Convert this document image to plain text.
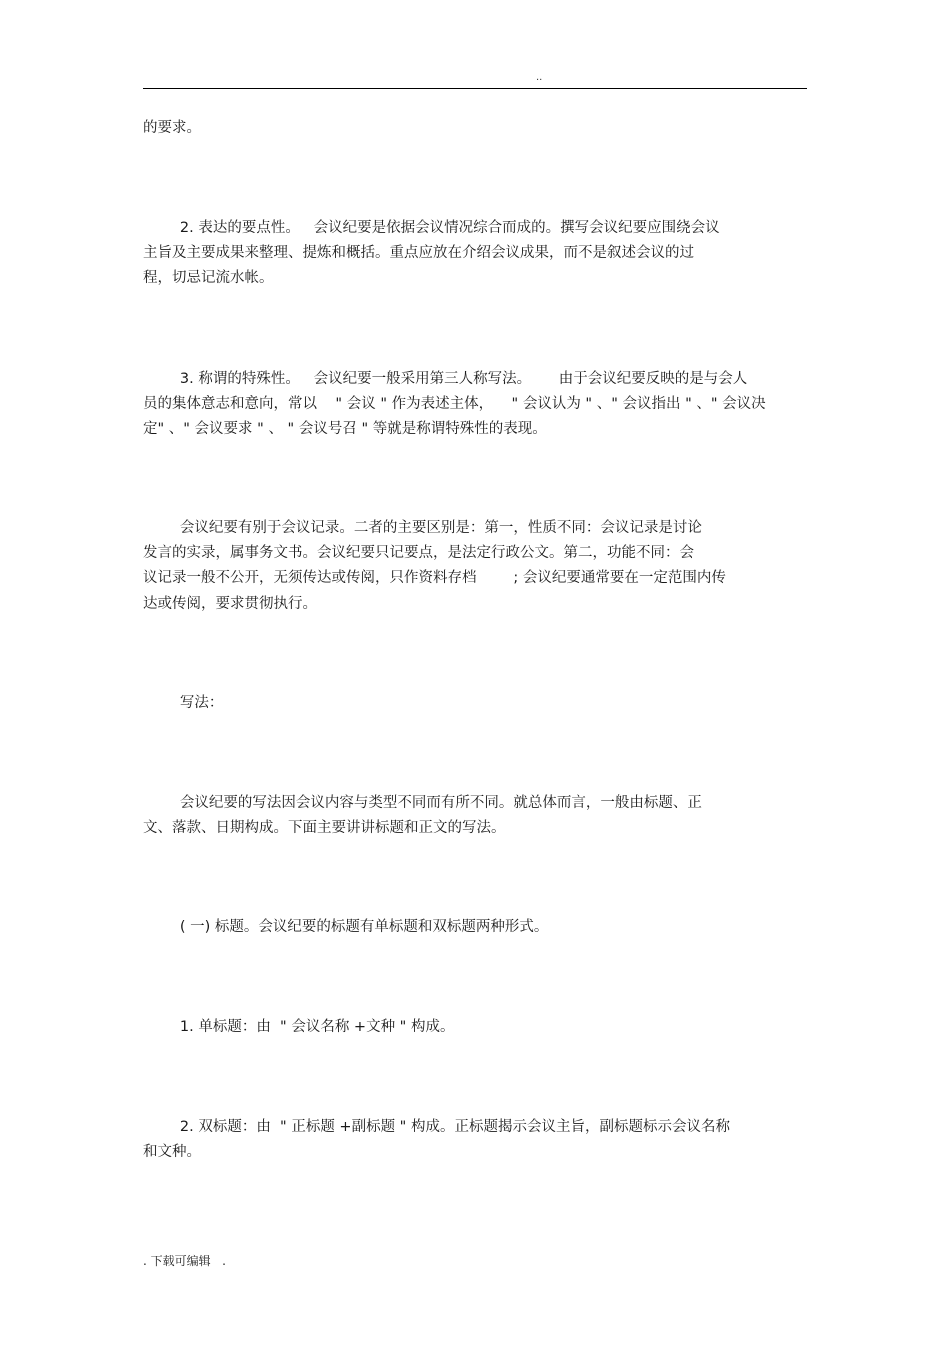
..

的要求。

2. 表达的要点性。   会议纪要是依据会议情况综合而成的。撰写会议纪要应围绕会议

主旨及主要成果来整理、提炼和概括。重点应放在介绍会议成果，而不是叙述会议的过

程，切忌记流水帐。

3. 称谓的特殊性。   会议纪要一般采用第三人称写法。      由于会议纪要反映的是与会人

员的集体意志和意向，常以    " 会议 " 作为表述主体，    " 会议认为 " 、" 会议指出 " 、" 会议决

定" 、" 会议要求 " 、 " 会议号召 " 等就是称谓特殊性的表现。

会议纪要有别于会议记录。二者的主要区别是：第一，性质不同：会议记录是讨论

发言的实录，属事务文书。会议纪要只记要点，是法定行政公文。第二，功能不同：会

议记录一般不公开，无须传达或传阅，只作资料存档        ; 会议纪要通常要在一定范围内传

达或传阅，要求贯彻执行。

写法：

会议纪要的写法因会议内容与类型不同而有所不同。就总体而言，一般由标题、正

文、落款、日期构成。下面主要讲讲标题和正文的写法。

( 一) 标题。会议纪要的标题有单标题和双标题两种形式。

1. 单标题：由  " 会议名称 +文种 " 构成。

2. 双标题：由  " 正标题 +副标题 " 构成。正标题揭示会议主旨，副标题标示会议名称

和文种。

. 下载可编辑   .
